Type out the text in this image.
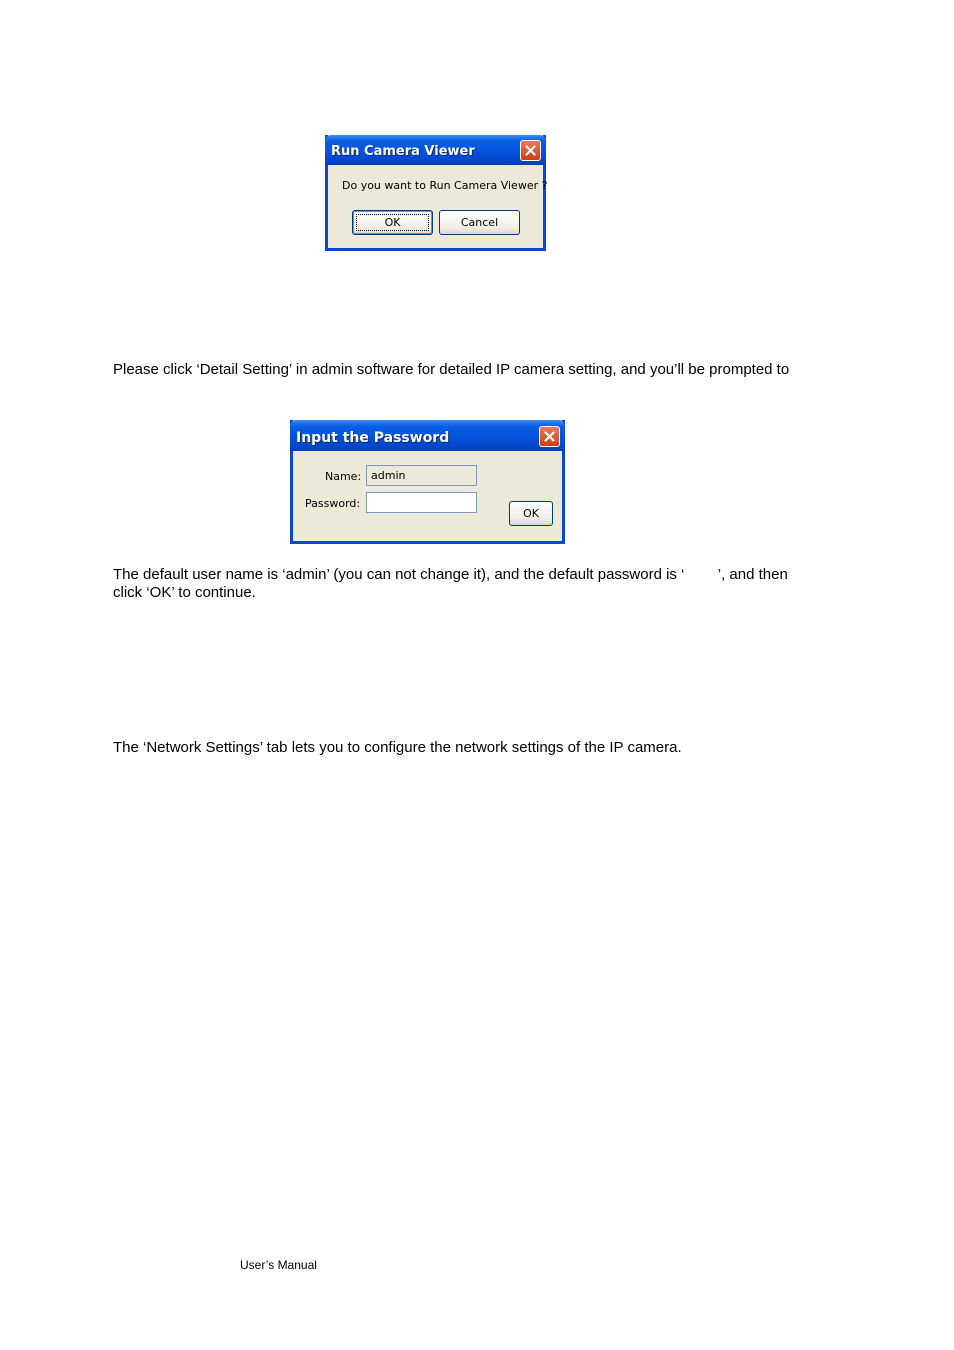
Run Camera Viewer
Do you want to Run Camera Viewer ?
OK	Cancel

Please click ‘Detail Setting’ in admin software for detailed IP camera setting, and you’ll be prompted to

Input the Password
Name:
admin
Password:
OK

The default user name is ‘admin’ (you can not change it), and the default password is ‘        ’, and then

click ‘OK’ to continue.

The ‘Network Settings’ tab lets you to configure the network settings of the IP camera.

User’s Manual
